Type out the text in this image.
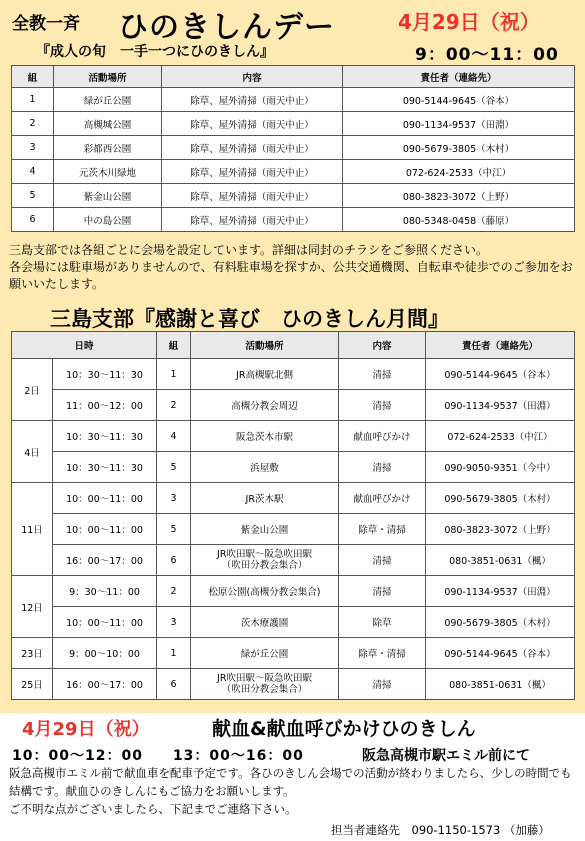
全教一斉 ひのきしんデー	4月29日（祝）
『成人の旬　一手一つにひのきしん』	9：00〜11：00
組	活動場所	内容	責任者（連絡先）
1	緑が丘公園	除草、屋外清掃（雨天中止）	090-5144-9645（谷本）
2	高槻城公園	除草、屋外清掃（雨天中止）	090-1134-9537（田淵）
3	彩都西公園	除草、屋外清掃（雨天中止）	090-5679-3805（木村）
4	元茨木川緑地	除草、屋外清掃（雨天中止）	072-624-2533（中江）
5	紫金山公園	除草、屋外清掃（雨天中止）	080-3823-3072（上野）
6	中の島公園	除草、屋外清掃（雨天中止）	080-5348-0458（藤原）
三島支部では各組ごとに会場を設定しています。詳細は同封のチラシをご参照ください。
各会場には駐車場がありませんので、有料駐車場を探すか、公共交通機関、自転車や徒歩でのご参加をお願いいたします。
三島支部『感謝と喜び　ひのきしん月間』
日時		組	活動場所	内容	責任者（連絡先）
2日	10：30〜11：30	1	JR高槻駅北側	清掃	090-5144-9645（谷本）
	11：00〜12：00	2	高槻分教会周辺	清掃	090-1134-9537（田淵）
4日	10：30〜11：30	4	阪急茨木市駅	献血呼びかけ	072-624-2533（中江）
	10：30〜11：30	5	浜屋敷	清掃	090-9050-9351（今中）
11日	10：00〜11：00	3	JR茨木駅	献血呼びかけ	090-5679-3805（木村）
	10：00〜11：00	5	紫金山公園	除草・清掃	080-3823-3072（上野）
	16：00〜17：00	6	JR吹田駅〜阪急吹田駅
（吹田分教会集合）	清掃	080-3851-0631（楓）
12日	9：30〜11：00	2	松原公園(高槻分教会集合)	清掃	090-1134-9537（田淵）
	10：00〜11：00	3	茨木療護園	除草	090-5679-3805（木村）
23日	9：00〜10：00	1	緑が丘公園	除草・清掃	090-5144-9645（谷本）
25日	16：00〜17：00	6	JR吹田駅〜阪急吹田駅
（吹田分教会集合）	清掃	080-3851-0631（楓）
4月29日（祝）	献血&献血呼びかけひのきしん
10：00〜12：00　　13：00〜16：00	阪急高槻市駅エミル前にて
阪急高槻市エミル前で献血車を配車予定です。各ひのきしん会場での活動が終わりましたら、少しの時間でも結構です。献血ひのきしんにもご協力をお願いします。
ご不明な点がございましたら、下記までご連絡下さい。
担当者連絡先　090-1150-1573 （加藤）
